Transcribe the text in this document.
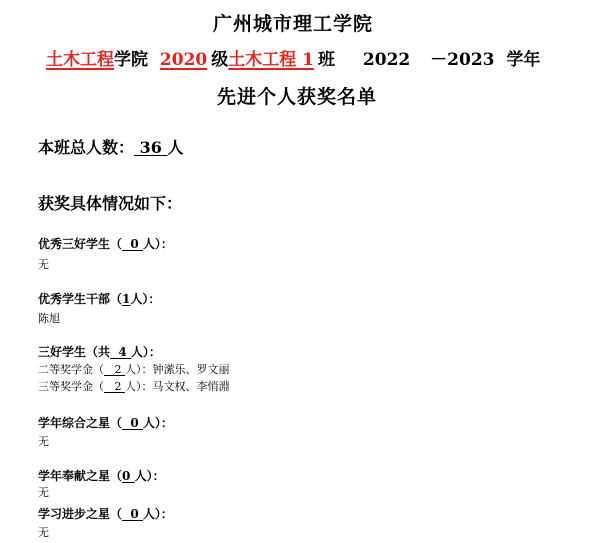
广州城市理工学院
土木工程学院 2020 级土木工程 1 班 2022 －2023 学年
先进个人获奖名单
本班总人数： 36 人
获奖具体情况如下：
优秀三好学生（ 0 人）：
无
优秀学生干部（1人）：
陈旭
三好学生（共 4 人）：
二等奖学金（ 2 人）：钟潆乐、罗文丽
三等奖学金（ 2 人）：马文权、李悄淵
学年综合之星（ 0 人）：
无
学年奉献之星（0 人）：
无
学习进步之星（ 0 人）：
无
